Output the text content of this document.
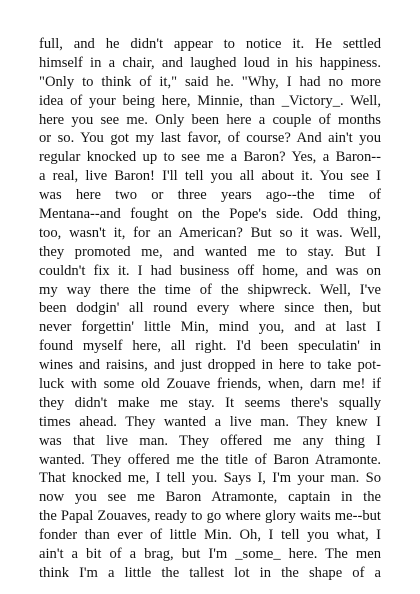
full, and he didn't appear to notice it. He settled
himself in a chair, and laughed loud in his happiness.
"Only to think of it," said he. "Why, I had no more
idea of your being here, Minnie, than _Victory_. Well,
here you see me. Only been here a couple of months
or so. You got my last favor, of course? And ain't you
regular knocked up to see me a Baron? Yes, a Baron--
a real, live Baron! I'll tell you all about it. You see I
was here two or three years ago--the time of
Mentana--and fought on the Pope's side. Odd thing,
too, wasn't it, for an American? But so it was. Well,
they promoted me, and wanted me to stay. But I
couldn't fix it. I had business off home, and was on
my way there the time of the shipwreck. Well, I've
been dodgin' all round every where since then, but
never forgettin' little Min, mind you, and at last I
found myself here, all right. I'd been speculatin' in
wines and raisins, and just dropped in here to take pot-
luck with some old Zouave friends, when, darn me! if
they didn't make me stay. It seems there's squally
times ahead. They wanted a live man. They knew I
was that live man. They offered me any thing I
wanted. They offered me the title of Baron Atramonte.
That knocked me, I tell you. Says I, I'm your man. So
now you see me Baron Atramonte, captain in the
the Papal Zouaves, ready to go where glory waits me--but
fonder than ever of little Min. Oh, I tell you what, I
ain't a bit of a brag, but I'm _some_ here. The men
think I'm a little the tallest lot in the shape of a
